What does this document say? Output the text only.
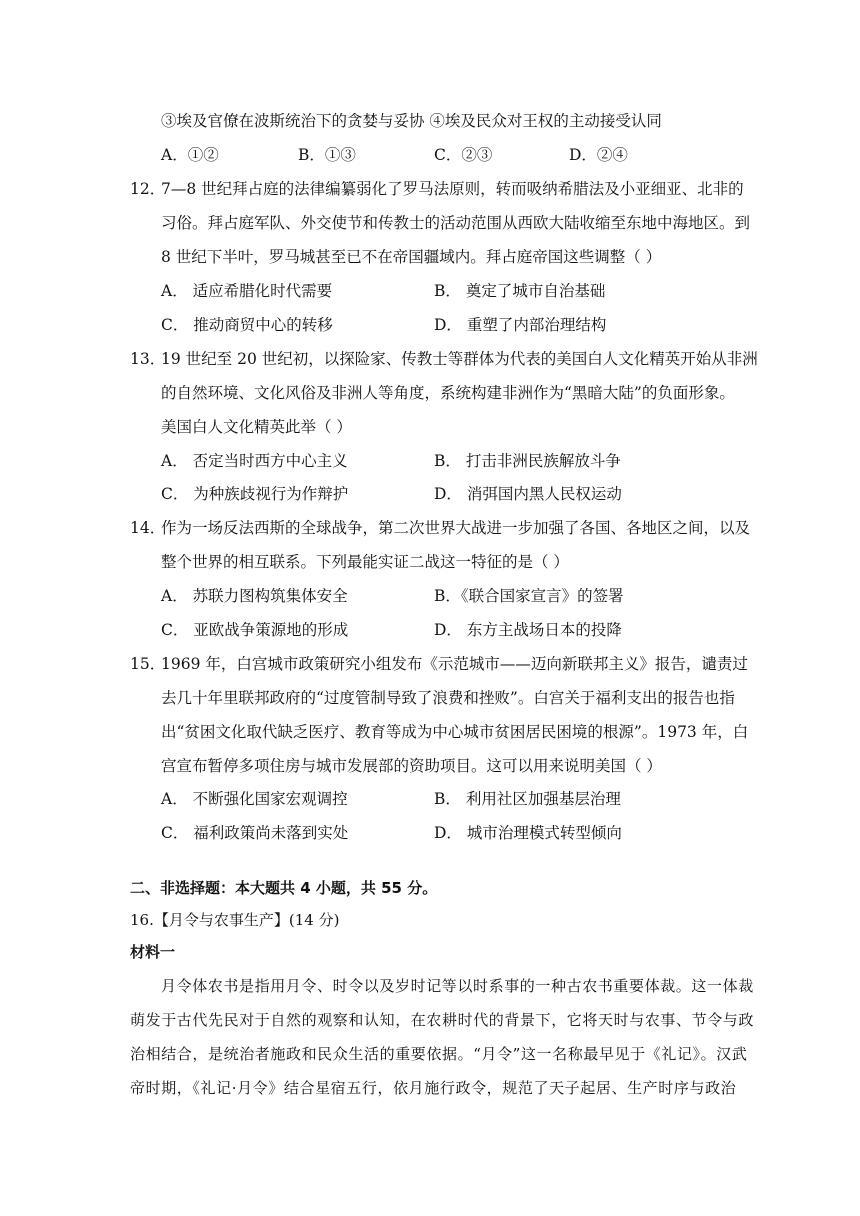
③埃及官僚在波斯统治下的贪婪与妥协 ④埃及民众对王权的主动接受认同
A．①②	B．①③	C．②③	D．②④
12．
7—8 世纪拜占庭的法律编纂弱化了罗马法原则，转而吸纳希腊法及小亚细亚、北非的
习俗。拜占庭军队、外交使节和传教士的活动范围从西欧大陆收缩至东地中海地区。到
8 世纪下半叶，罗马城甚至已不在帝国疆域内。拜占庭帝国这些调整（ ）
A． 适应希腊化时代需要	B． 奠定了城市自治基础
C． 推动商贸中心的转移	D． 重塑了内部治理结构
13．
19 世纪至 20 世纪初，以探险家、传教士等群体为代表的美国白人文化精英开始从非洲
的自然环境、文化风俗及非洲人等角度，系统构建非洲作为“黑暗大陆”的负面形象。
美国白人文化精英此举（ ）
A． 否定当时西方中心主义	B． 打击非洲民族解放斗争
C． 为种族歧视行为作辩护	D． 消弭国内黑人民权运动
14．
作为一场反法西斯的全球战争，第二次世界大战进一步加强了各国、各地区之间，以及
整个世界的相互联系。下列最能实证二战这一特征的是（ ）
A． 苏联力图构筑集体安全	B．《联合国家宣言》的签署
C． 亚欧战争策源地的形成	D． 东方主战场日本的投降
15．
1969 年，白宫城市政策研究小组发布《示范城市——迈向新联邦主义》报告，谴责过
去几十年里联邦政府的“过度管制导致了浪费和挫败”。白宫关于福利支出的报告也指
出“贫困文化取代缺乏医疗、教育等成为中心城市贫困居民困境的根源”。1973 年，白
宫宣布暂停多项住房与城市发展部的资助项目。这可以用来说明美国（ ）
A． 不断强化国家宏观调控	B． 利用社区加强基层治理
C． 福利政策尚未落到实处	D． 城市治理模式转型倾向
二、非选择题：本大题共 4 小题，共 55 分。
16.【月令与农事生产】(14 分)
材料一
月令体农书是指用月令、时令以及岁时记等以时系事的一种古农书重要体裁。这一体裁
萌发于古代先民对于自然的观察和认知，在农耕时代的背景下，它将天时与农事、节令与政
治相结合，是统治者施政和民众生活的重要依据。“月令”这一名称最早见于《礼记》。汉武
帝时期，《礼记·月令》结合星宿五行，依月施行政令，规范了天子起居、生产时序与政治
